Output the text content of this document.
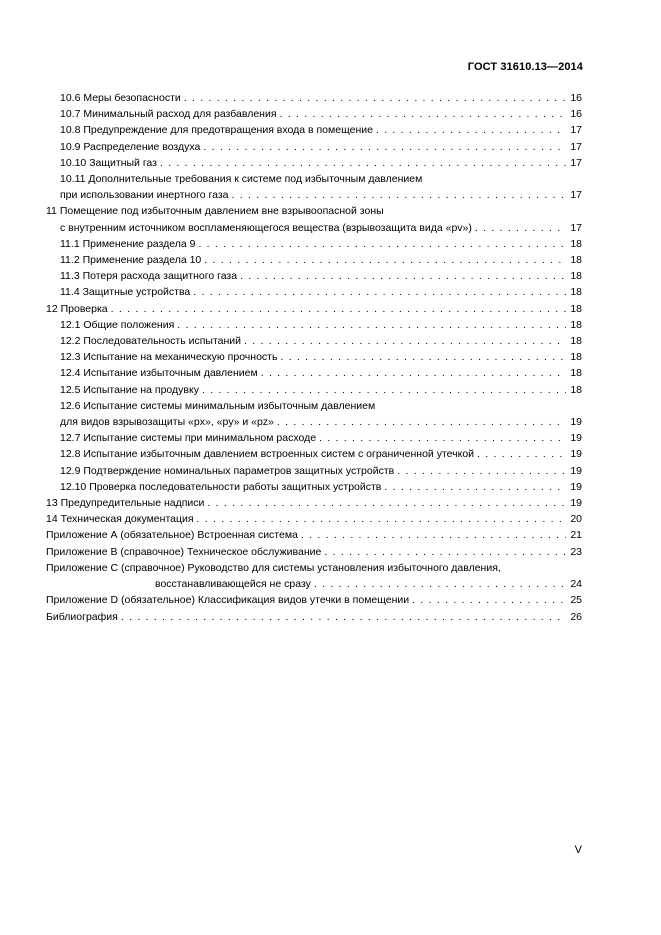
ГОСТ 31610.13—2014
10.6 Меры безопасности . . .	16
10.7 Минимальный расход для разбавления . . .	16
10.8 Предупреждение для предотвращения входа в помещение . . .	17
10.9 Распределение воздуха . . .	17
10.10 Защитный газ . . .	17
10.11 Дополнительные требования к системе под избыточным давлением
при использовании инертного газа . . .	17
11 Помещение под избыточным давлением вне взрывоопасной зоны
с внутренним источником воспламеняющегося вещества (взрывозащита вида «pv») . . .	17
11.1 Применение раздела 9 . . .	18
11.2 Применение раздела 10 . . .	18
11.3 Потеря расхода защитного газа . . .	18
11.4 Защитные устройства . . .	18
12 Проверка . . .	18
12.1 Общие положения . . .	18
12.2 Последовательность испытаний . . .	18
12.3 Испытание на механическую прочность . . .	18
12.4 Испытание избыточным давлением . . .	18
12.5 Испытание на продувку . . .	18
12.6 Испытание системы минимальным избыточным давлением
для видов взрывозащиты «px», «py» и «pz» . . .	19
12.7 Испытание системы при минимальном расходе . . .	19
12.8 Испытание избыточным давлением встроенных систем с ограниченной утечкой . . .	19
12.9 Подтверждение номинальных параметров защитных устройств . . .	19
12.10 Проверка последовательности работы защитных устройств . . .	19
13 Предупредительные надписи . . .	19
14 Техническая документация . . .	20
Приложение А (обязательное) Встроенная система . . .	21
Приложение В (справочное) Техническое обслуживание . . .	23
Приложение С (справочное) Руководство для системы установления избыточного давления,
восстанавливающейся не сразу . . .	24
Приложение D (обязательное) Классификация видов утечки в помещении . . .	25
Библиография . . .	26
V
